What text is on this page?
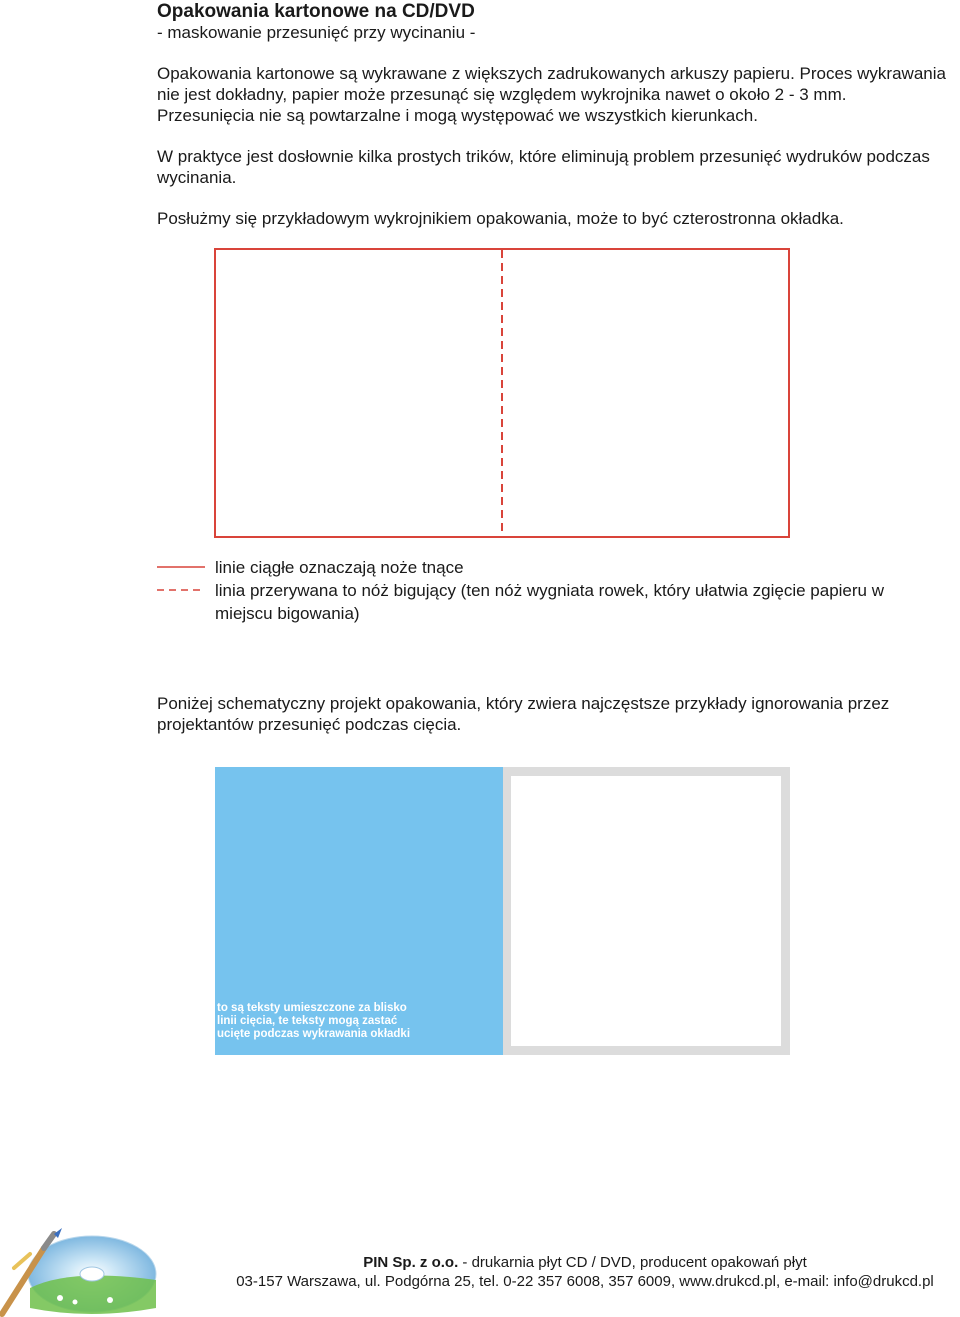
Opakowania kartonowe na CD/DVD
- maskowanie przesunięć przy wycinaniu -

Opakowania kartonowe są wykrawane z większych zadrukowanych arkuszy papieru. Proces wykrawania nie jest dokładny, papier może przesunąć się względem wykrojnika nawet o około 2 - 3 mm. Przesunięcia nie są powtarzalne i mogą występować we wszystkich kierunkach.

W praktyce jest dosłownie kilka prostych trików, które eliminują problem przesunięć wydruków podczas wycinania.

Posłużmy się przykładowym wykrojnikiem opakowania, może to być czterostronna okładka.

linie ciągłe oznaczają noże tnące
linia przerywana to nóż bigujący (ten nóż wygniata rowek, który ułatwia zgięcie papieru w miejscu bigowania)

Poniżej schematyczny projekt opakowania, który zwiera najczęstsze przykłady ignorowania przez projektantów przesunięć podczas cięcia.

to są teksty umieszczone za blisko linii cięcia, te teksty mogą zastać ucięte podczas wykrawania okładki

PIN Sp. z o.o. - drukarnia płyt CD / DVD, producent opakowań płyt
03-157 Warszawa, ul. Podgórna 25, tel. 0-22 357 6008, 357 6009, www.drukcd.pl, e-mail: info@drukcd.pl
